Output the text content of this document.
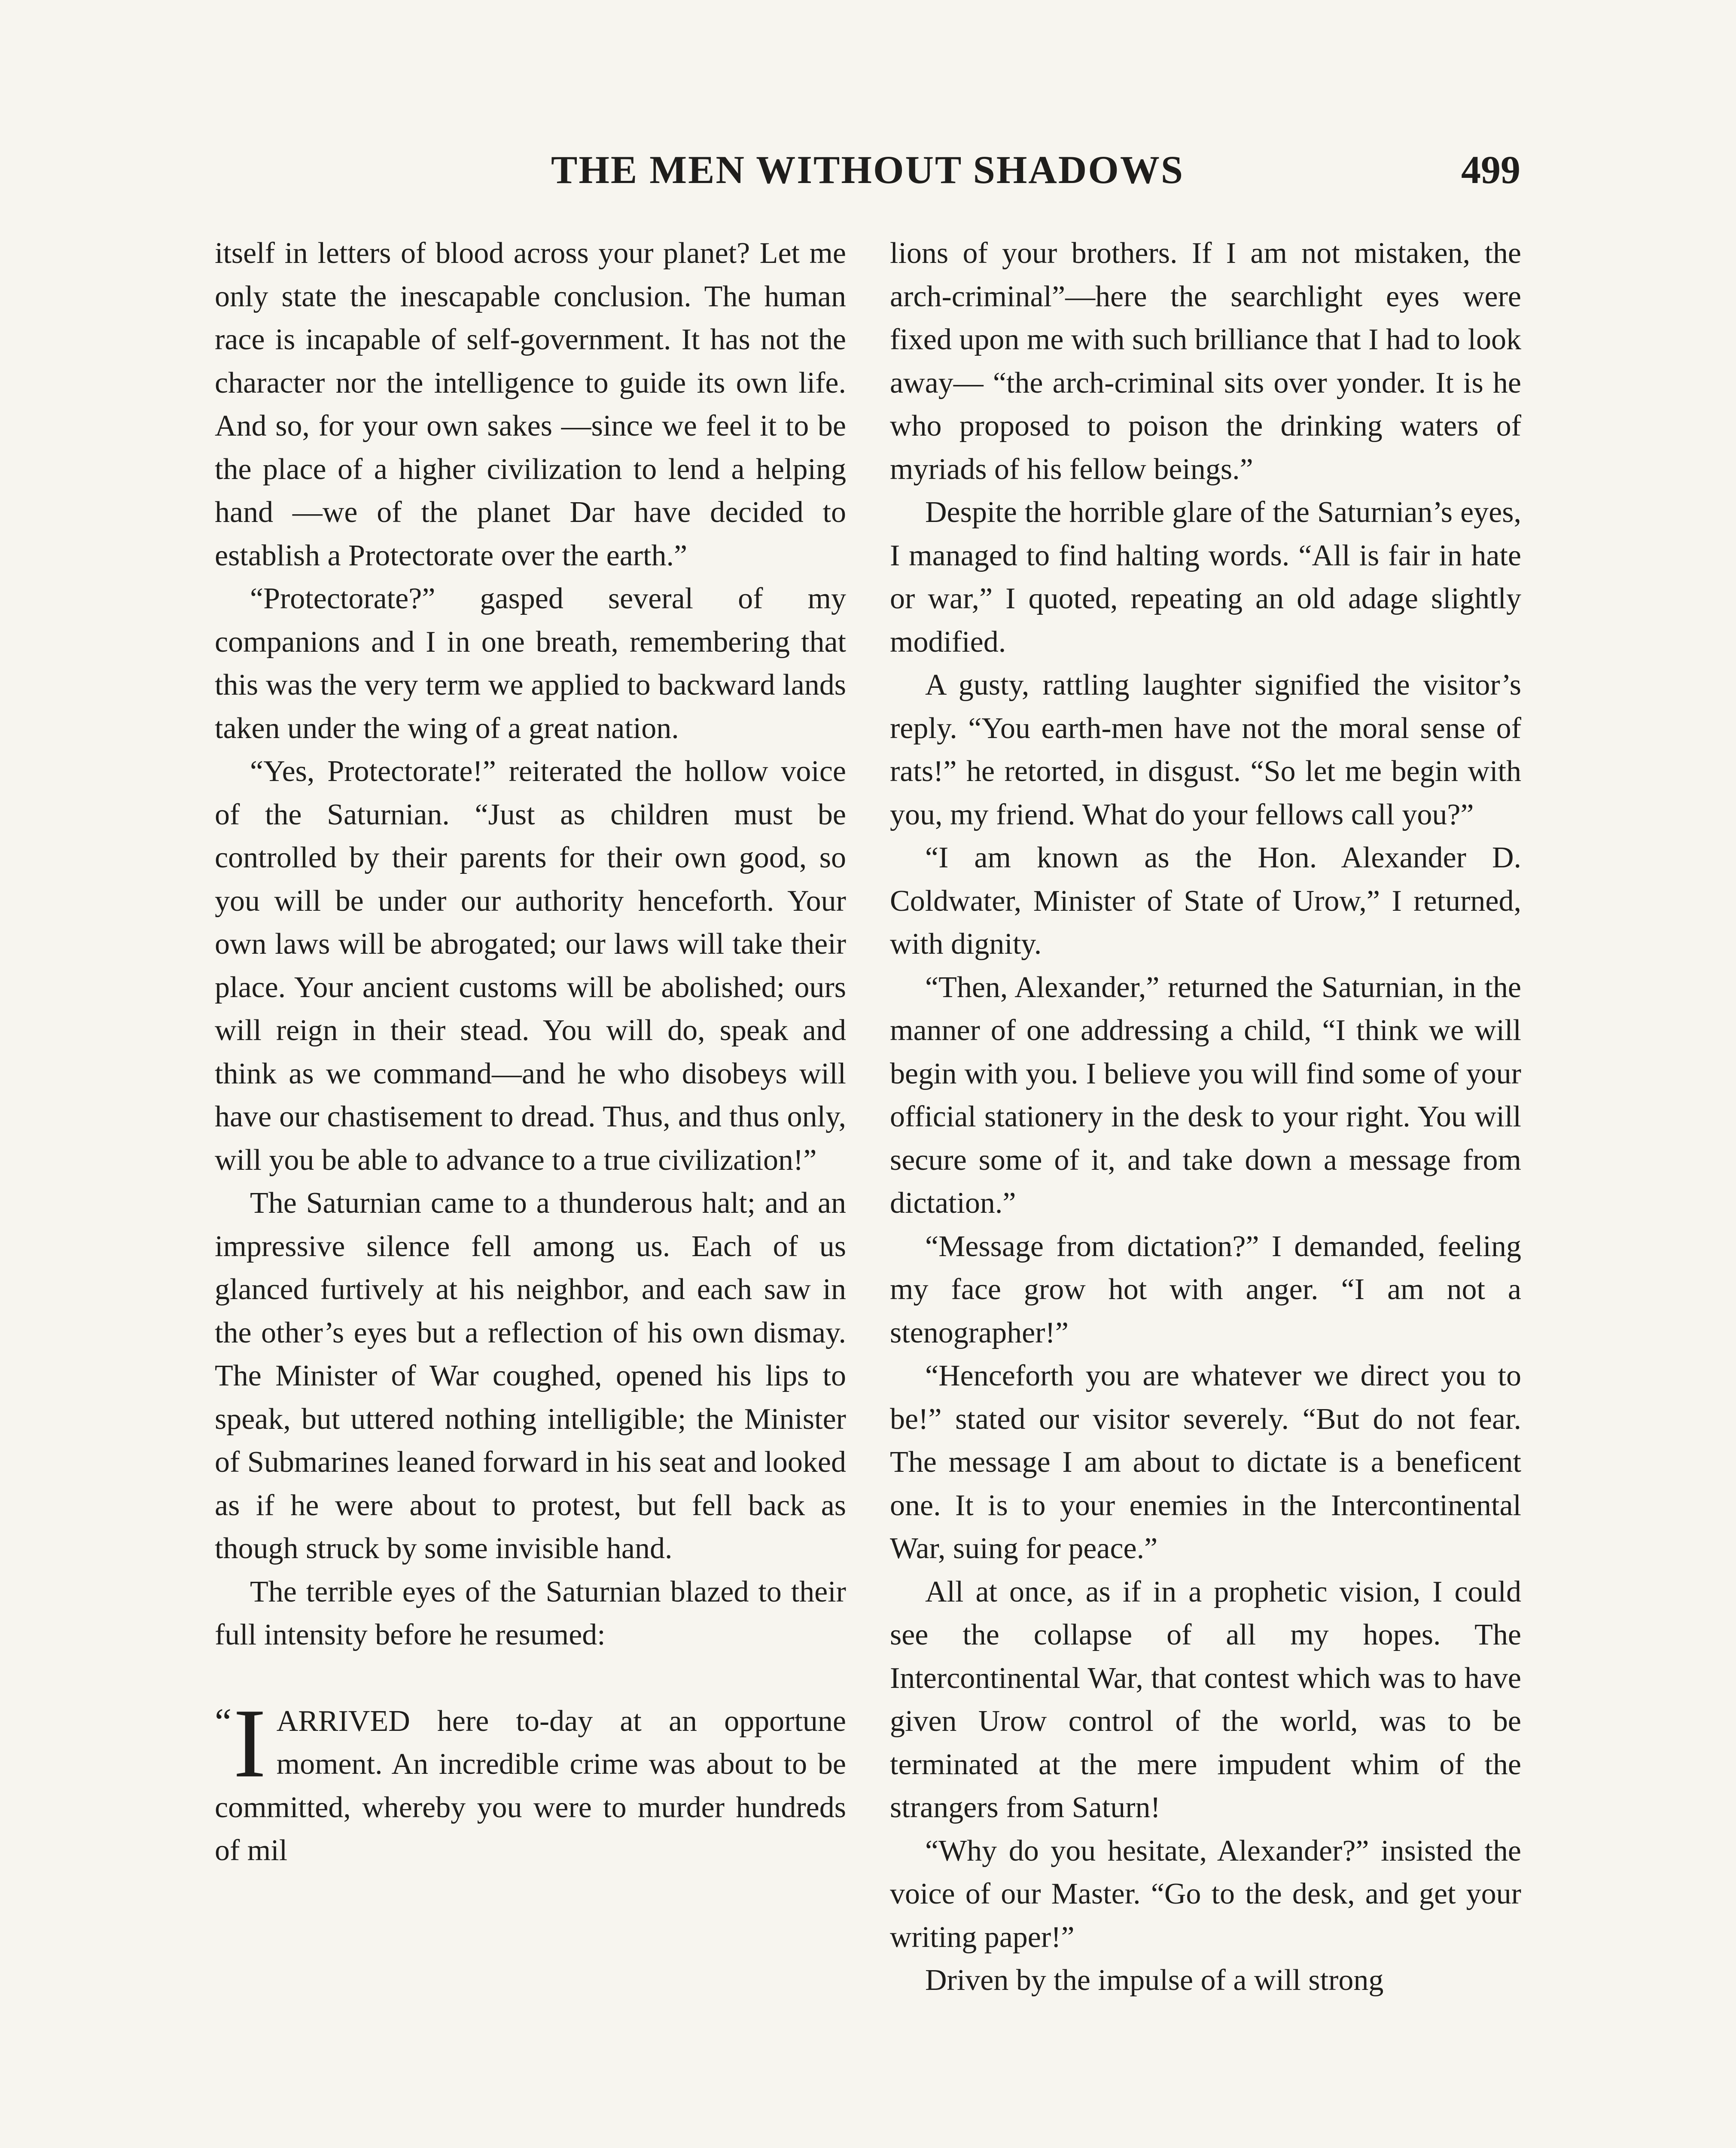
THE MEN WITHOUT SHADOWS	499

itself in letters of blood across your planet? Let me only state the inescapable conclusion. The human race is incapable of self-government. It has not the character nor the intelligence to guide its own life. And so, for your own sakes —since we feel it to be the place of a higher civilization to lend a helping hand —we of the planet Dar have decided to establish a Protectorate over the earth.”

“Protectorate?” gasped several of my companions and I in one breath, remembering that this was the very term we applied to backward lands taken under the wing of a great nation.

“Yes, Protectorate!” reiterated the hollow voice of the Saturnian. “Just as children must be controlled by their parents for their own good, so you will be under our authority henceforth. Your own laws will be abrogated; our laws will take their place. Your ancient customs will be abolished; ours will reign in their stead. You will do, speak and think as we command—and he who disobeys will have our chastisement to dread. Thus, and thus only, will you be able to advance to a true civilization!”

The Saturnian came to a thunderous halt; and an impressive silence fell among us. Each of us glanced furtively at his neighbor, and each saw in the other’s eyes but a reflection of his own dismay. The Minister of War coughed, opened his lips to speak, but uttered nothing intelligible; the Minister of Submarines leaned forward in his seat and looked as if he were about to protest, but fell back as though struck by some invisible hand.

The terrible eyes of the Saturnian blazed to their full intensity before he resumed:

“ I ARRIVED here to-day at an opportune moment. An incredible crime was about to be committed, whereby you were to murder hundreds of mil

lions of your brothers. If I am not mistaken, the arch-criminal”—here the searchlight eyes were fixed upon me with such brilliance that I had to look away— “the arch-criminal sits over yonder. It is he who proposed to poison the drinking waters of myriads of his fellow beings.”

Despite the horrible glare of the Saturnian’s eyes, I managed to find halting words. “All is fair in hate or war,” I quoted, repeating an old adage slightly modified.

A gusty, rattling laughter signified the visitor’s reply. “You earth-men have not the moral sense of rats!” he retorted, in disgust. “So let me begin with you, my friend. What do your fellows call you?”

“I am known as the Hon. Alexander D. Coldwater, Minister of State of Urow,” I returned, with dignity.

“Then, Alexander,” returned the Saturnian, in the manner of one addressing a child, “I think we will begin with you. I believe you will find some of your official stationery in the desk to your right. You will secure some of it, and take down a message from dictation.”

“Message from dictation?” I demanded, feeling my face grow hot with anger. “I am not a stenographer!”

“Henceforth you are whatever we direct you to be!” stated our visitor severely. “But do not fear. The message I am about to dictate is a beneficent one. It is to your enemies in the Intercontinental War, suing for peace.”

All at once, as if in a prophetic vision, I could see the collapse of all my hopes. The Intercontinental War, that contest which was to have given Urow control of the world, was to be terminated at the mere impudent whim of the strangers from Saturn!

“Why do you hesitate, Alexander?” insisted the voice of our Master. “Go to the desk, and get your writing paper!”

Driven by the impulse of a will strong
